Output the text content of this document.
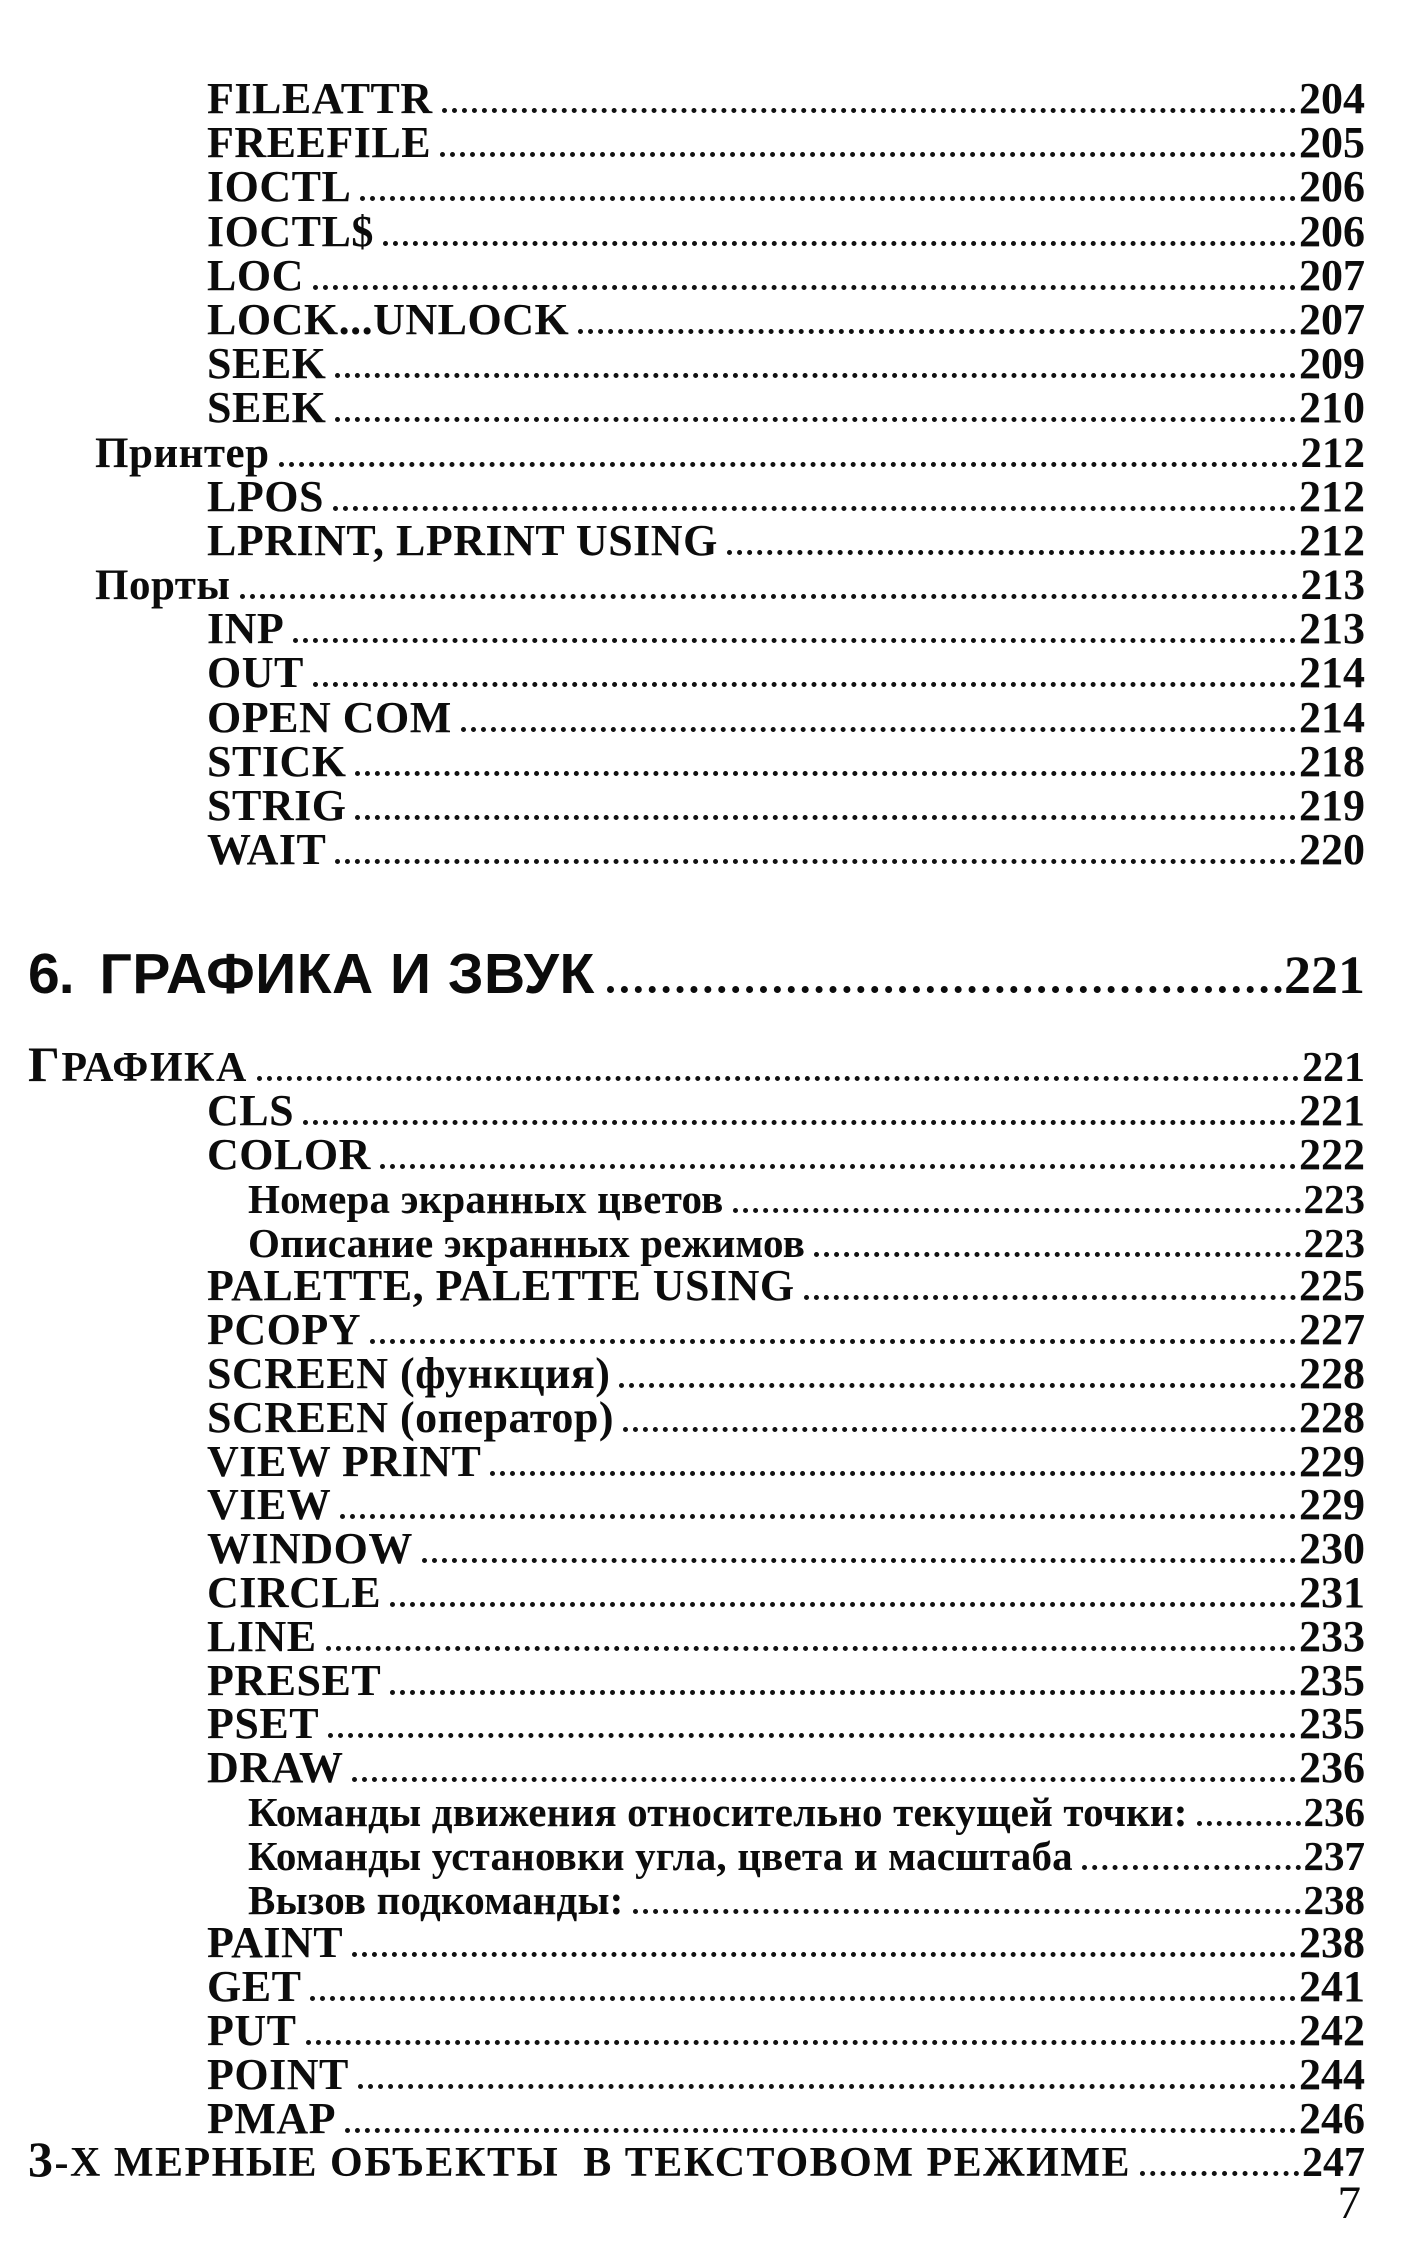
FILEATTR	204
FREEFILE	205
IOCTL	206
IOCTL$	206
LOC	207
LOCK...UNLOCK	207
SEEK	209
SEEK	210
Принтер	212
LPOS	212
LPRINT, LPRINT USING	212
Порты	213
INP	213
OUT	214
OPEN COM	214
STICK	218
STRIG	219
WAIT	220
6. ГРАФИКА И ЗВУК	221
ГРАФИКА	221
CLS	221
COLOR	222
Номера экранных цветов	223
Описание экранных режимов	223
PALETTE, PALETTE USING	225
PCOPY	227
SCREEN (функция)	228
SCREEN (оператор)	228
VIEW PRINT	229
VIEW	229
WINDOW	230
CIRCLE	231
LINE	233
PRESET	235
PSET	235
DRAW	236
Команды движения относительно текущей точки:	236
Команды установки угла, цвета и масштаба	237
Вызов подкоманды:	238
PAINT	238
GET	241
PUT	242
POINT	244
PMAP	246
3-Х МЕРНЫЕ ОБЪЕКТЫ  В ТЕКСТОВОМ РЕЖИМЕ	247
7
